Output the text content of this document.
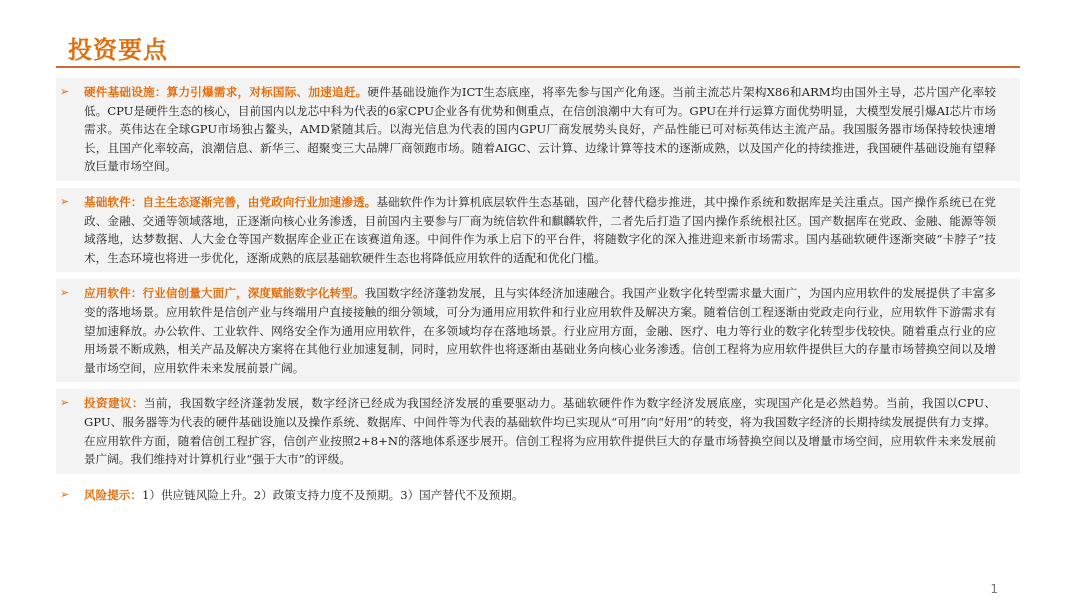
投资要点
➢ 硬件基础设施：算力引爆需求，对标国际、加速追赶。硬件基础设施作为ICT生态底座，将率先参与国产化角逐。当前主流芯片架构X86和ARM均由国外主导，芯片国产化率较低。CPU是硬件生态的核心，目前国内以龙芯中科为代表的6家CPU企业各有优势和侧重点，在信创浪潮中大有可为。GPU在并行运算方面优势明显，大模型发展引爆AI芯片市场需求。英伟达在全球GPU市场独占鳌头，AMD紧随其后。以海光信息为代表的国内GPU厂商发展势头良好，产品性能已可对标英伟达主流产品。我国服务器市场保持较快速增长，且国产化率较高，浪潮信息、新华三、超聚变三大品牌厂商领跑市场。随着AIGC、云计算、边缘计算等技术的逐渐成熟，以及国产化的持续推进，我国硬件基础设施有望释放巨量市场空间。
➢ 基础软件：自主生态逐渐完善，由党政向行业加速渗透。基础软件作为计算机底层软件生态基础，国产化替代稳步推进，其中操作系统和数据库是关注重点。国产操作系统已在党政、金融、交通等领域落地，正逐渐向核心业务渗透，目前国内主要参与厂商为统信软件和麒麟软件，二者先后打造了国内操作系统根社区。国产数据库在党政、金融、能源等领域落地，达梦数据、人大金仓等国产数据库企业正在该赛道角逐。中间件作为承上启下的平台件，将随数字化的深入推进迎来新市场需求。国内基础软硬件逐渐突破“卡脖子”技术，生态环境也将进一步优化，逐渐成熟的底层基础软硬件生态也将降低应用软件的适配和优化门槛。
➢ 应用软件：行业信创量大面广，深度赋能数字化转型。我国数字经济蓬勃发展，且与实体经济加速融合。我国产业数字化转型需求量大面广，为国内应用软件的发展提供了丰富多变的落地场景。应用软件是信创产业与终端用户直接接触的细分领域，可分为通用应用软件和行业应用软件及解决方案。随着信创工程逐渐由党政走向行业，应用软件下游需求有望加速释放。办公软件、工业软件、网络安全作为通用应用软件，在多领域均存在落地场景。行业应用方面，金融、医疗、电力等行业的数字化转型步伐较快。随着重点行业的应用场景不断成熟，相关产品及解决方案将在其他行业加速复制，同时，应用软件也将逐渐由基础业务向核心业务渗透。信创工程将为应用软件提供巨大的存量市场替换空间以及增量市场空间，应用软件未来发展前景广阔。
➢ 投资建议：当前，我国数字经济蓬勃发展，数字经济已经成为我国经济发展的重要驱动力。基础软硬件作为数字经济发展底座，实现国产化是必然趋势。当前，我国以CPU、GPU、服务器等为代表的硬件基础设施以及操作系统、数据库、中间件等为代表的基础软件均已实现从“可用”向“好用”的转变，将为我国数字经济的长期持续发展提供有力支撑。在应用软件方面，随着信创工程扩容，信创产业按照2+8+N的落地体系逐步展开。信创工程将为应用软件提供巨大的存量市场替换空间以及增量市场空间，应用软件未来发展前景广阔。我们维持对计算机行业“强于大市”的评级。
➢ 风险提示：1）供应链风险上升。2）政策支持力度不及预期。3）国产替代不及预期。
1
